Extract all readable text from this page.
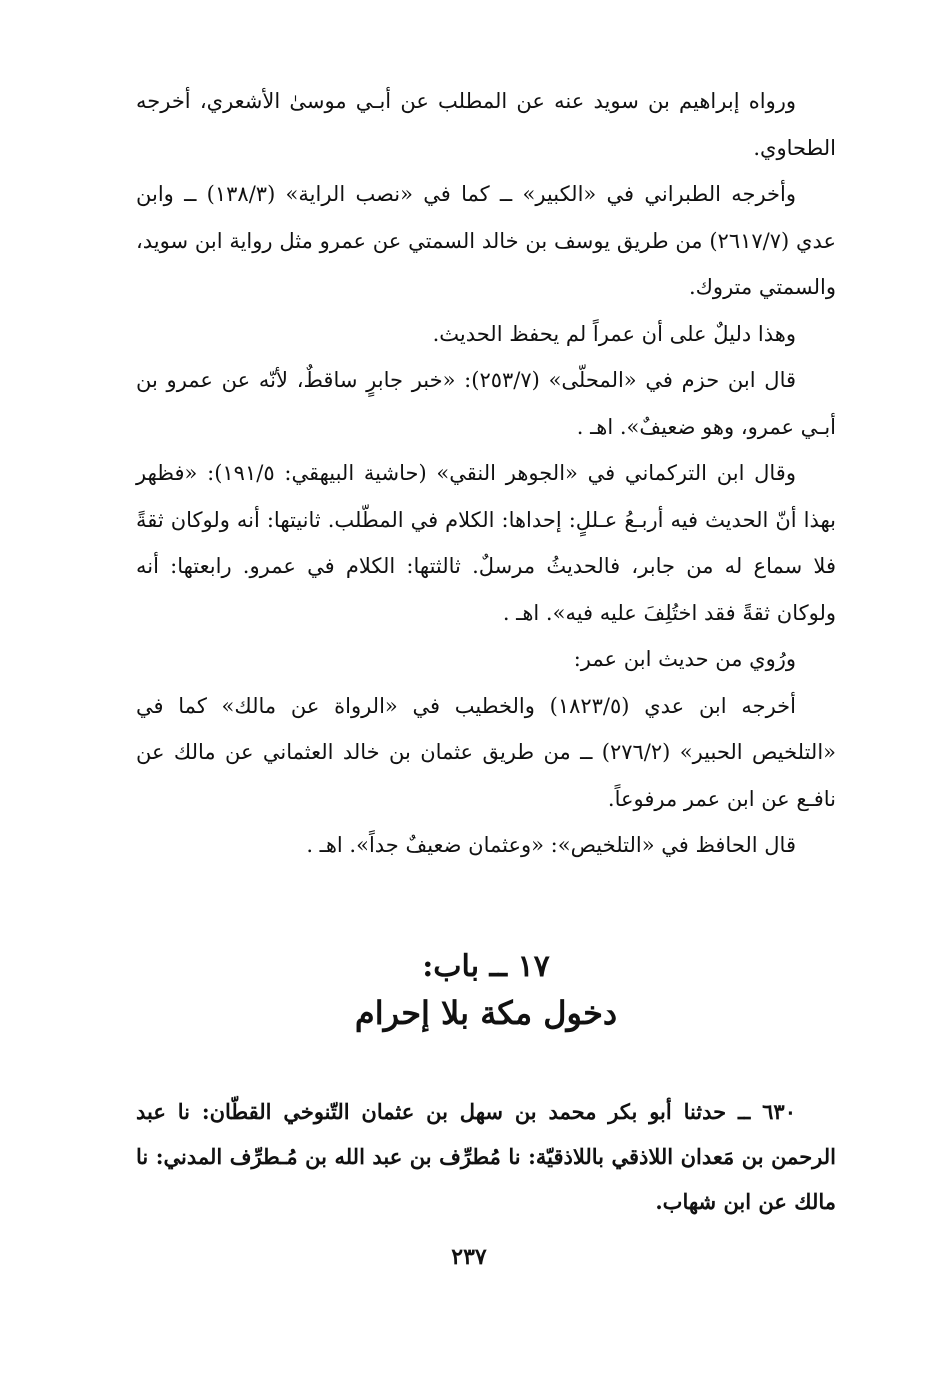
ورواه إبراهيم بن سويد عنه عن المطلب عن أبـي موسىٰ الأشعري، أخرجه الطحاوي.

وأخرجه الطبراني في «الكبير» ــ كما في «نصب الراية» (١٣٨/٣) ــ وابن عدي (٢٦١٧/٧) من طريق يوسف بن خالد السمتي عن عمرو مثل رواية ابن سويد، والسمتي متروك.

وهذا دليلٌ على أن عمراً لم يحفظ الحديث.

قال ابن حزم في «المحلّى» (٢٥٣/٧): «خبر جابرٍ ساقطٌ، لأنّه عن عمرو بن أبـي عمرو، وهو ضعيفٌ». اهـ .

وقال ابن التركماني في «الجوهر النقي» (حاشية البيهقي: ١٩١/٥): «فظهر بهذا أنّ الحديث فيه أربـعُ عـللٍ: إحداها: الكلام في المطّلب. ثانيتها: أنه ولوكان ثقةً فلا سماع له من جابر، فالحديثُ مرسلٌ. ثالثتها: الكلام في عمرو. رابعتها: أنه ولوكان ثقةً فقد اختُلِفَ عليه فيه». اهـ .

ورُوي من حديث ابن عمر:

أخرجه ابن عدي (١٨٢٣/٥) والخطيب في «الرواة عن مالك» كما في «التلخيص الحبير» (٢٧٦/٢) ــ من طريق عثمان بن خالد العثماني عن مالك عن نافـع عن ابن عمر مرفوعاً.

قال الحافظ في «التلخيص»: «وعثمان ضعيفٌ جداً». اهـ .

١٧ ــ باب:

دخول مكة بلا إحرام

٦٣٠ ــ حدثنا أبو بكر محمد بن سهل بن عثمان التّنوخي القطّان: نا عبد الرحمن بن مَعدان اللاذقي باللاذقيّة: نا مُطرِّف بن عبد الله بن مُـطرِّف المدني: نا مالك عن ابن شهاب.

٢٣٧
